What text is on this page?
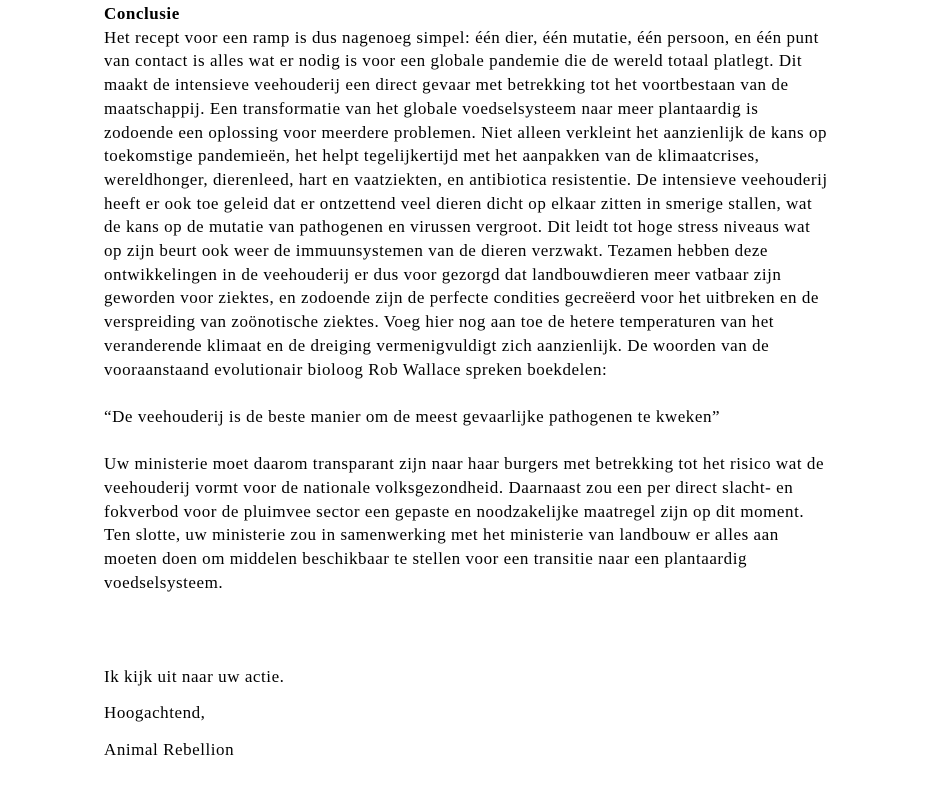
Conclusie

Het recept voor een ramp is dus nagenoeg simpel: één dier, één mutatie, één persoon, en één punt van contact is alles wat er nodig is voor een globale pandemie die de wereld totaal platlegt. Dit maakt de intensieve veehouderij een direct gevaar met betrekking tot het voortbestaan van de maatschappij. Een transformatie van het globale voedselsysteem naar meer plantaardig is zodoende een oplossing voor meerdere problemen. Niet alleen verkleint het aanzienlijk de kans op toekomstige pandemieën, het helpt tegelijkertijd met het aanpakken van de klimaatcrises, wereldhonger, dierenleed, hart en vaatziekten, en antibiotica resistentie. De intensieve veehouderij heeft er ook toe geleid dat er ontzettend veel dieren dicht op elkaar zitten in smerige stallen, wat de kans op de mutatie van pathogenen en virussen vergroot. Dit leidt tot hoge stress niveaus wat op zijn beurt ook weer de immuunsystemen van de dieren verzwakt. Tezamen hebben deze ontwikkelingen in de veehouderij er dus voor gezorgd dat landbouwdieren meer vatbaar zijn geworden voor ziektes, en zodoende zijn de perfecte condities gecreëerd voor het uitbreken en de verspreiding van zoönotische ziektes. Voeg hier nog aan toe de hetere temperaturen van het veranderende klimaat en de dreiging vermenigvuldigt zich aanzienlijk. De woorden van de vooraanstaand evolutionair bioloog Rob Wallace spreken boekdelen:

“De veehouderij is de beste manier om de meest gevaarlijke pathogenen te kweken”

Uw ministerie moet daarom transparant zijn naar haar burgers met betrekking tot het risico wat de veehouderij vormt voor de nationale volksgezondheid. Daarnaast zou een per direct slacht- en fokverbod voor de pluimvee sector een gepaste en noodzakelijke maatregel zijn op dit moment. Ten slotte, uw ministerie zou in samenwerking met het ministerie van landbouw er alles aan moeten doen om middelen beschikbaar te stellen voor een transitie naar een plantaardig voedselsysteem.

Ik kijk uit naar uw actie.

Hoogachtend,

Animal Rebellion
